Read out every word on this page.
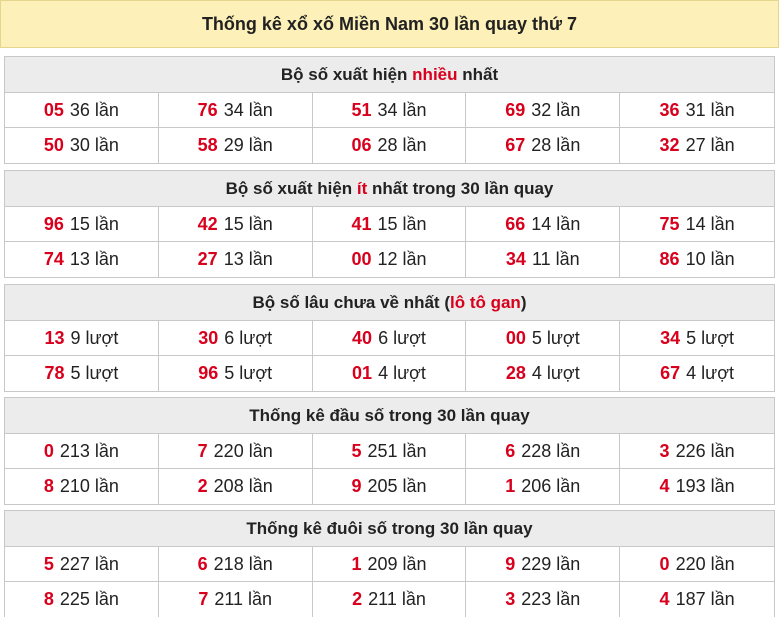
Thống kê xổ xố Miền Nam 30 lần quay thứ 7
Bộ số xuất hiện nhiều nhất
05 36 lần	76 34 lần	51 34 lần	69 32 lần	36 31 lần
50 30 lần	58 29 lần	06 28 lần	67 28 lần	32 27 lần
Bộ số xuất hiện ít nhất trong 30 lần quay
96 15 lần	42 15 lần	41 15 lần	66 14 lần	75 14 lần
74 13 lần	27 13 lần	00 12 lần	34 11 lần	86 10 lần
Bộ số lâu chưa về nhất ( lô tô gan )
13 9 lượt	30 6 lượt	40 6 lượt	00 5 lượt	34 5 lượt
78 5 lượt	96 5 lượt	01 4 lượt	28 4 lượt	67 4 lượt
Thống kê đầu số trong 30 lần quay
0 213 lần	7 220 lần	5 251 lần	6 228 lần	3 226 lần
8 210 lần	2 208 lần	9 205 lần	1 206 lần	4 193 lần
Thống kê đuôi số trong 30 lần quay
5 227 lần	6 218 lần	1 209 lần	9 229 lần	0 220 lần
8 225 lần	7 211 lần	2 211 lần	3 223 lần	4 187 lần
